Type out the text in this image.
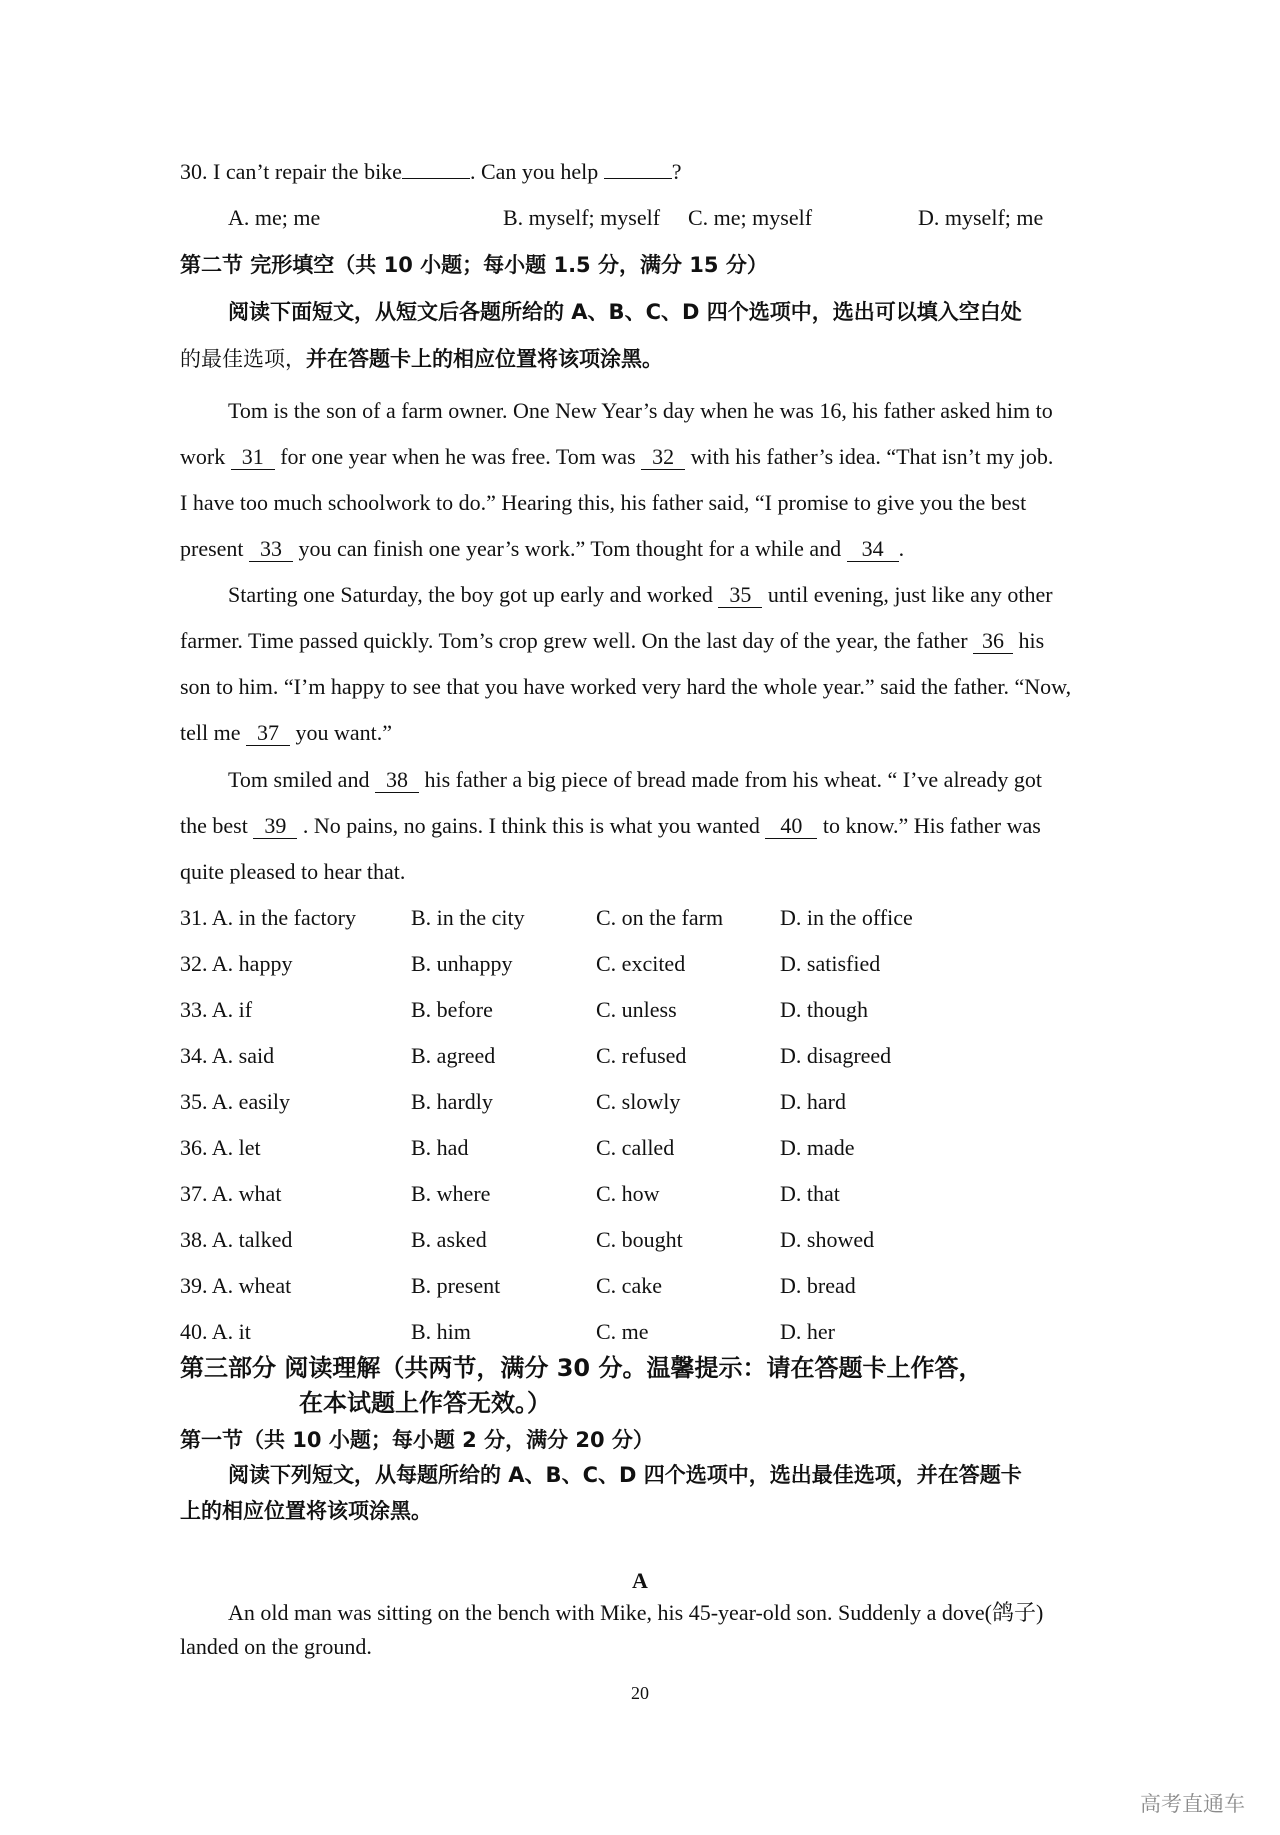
30. I can’t repair the bike	. Can you help	?
A. me; me	B. myself; myself C. me; myself	D. myself; me
第二节 完形填空（共 10 小题；每小题 1.5 分，满分 15 分）
阅读下面短文，从短文后各题所给的 A、B、C、D 四个选项中，选出可以填入空白处
的最佳选项，并在答题卡上的相应位置将该项涂黑。
Tom is the son of a farm owner. One New Year’s day when he was 16, his father asked him to
work 31 for one year when he was free. Tom was 32 with his father’s idea. “That isn’t my job.
I have too much schoolwork to do.” Hearing this, his father said, “I promise to give you the best
present 33 you can finish one year’s work.” Tom thought for a while and 34 .
Starting one Saturday, the boy got up early and worked 35 until evening, just like any other
farmer. Time passed quickly. Tom’s crop grew well. On the last day of the year, the father 36 his
son to him. “I’m happy to see that you have worked very hard the whole year.” said the father. “Now,
tell me 37 you want.”
Tom smiled and 38 his father a big piece of bread made from his wheat. “ I’ve already got
the best 39 . No pains, no gains. I think this is what you wanted 40 to know.” His father was
quite pleased to hear that.
31. A. in the factory	B. in the city	C. on the farm	D. in the office
32. A. happy	B. unhappy	C. excited	D. satisfied
33. A. if	B. before	C. unless	D. though
34. A. said	B. agreed	C. refused	D. disagreed
35. A. easily	B. hardly	C. slowly	D. hard
36. A. let	B. had	C. called	D. made
37. A. what	B. where	C. how	D. that
38. A. talked	B. asked	C. bought	D. showed
39. A. wheat	B. present	C. cake	D. bread
40. A. it	B. him	C. me	D. her
第三部分 阅读理解（共两节，满分 30 分。温馨提示：请在答题卡上作答，
在本试题上作答无效。）
第一节（共 10 小题；每小题 2 分，满分 20 分）
阅读下列短文，从每题所给的 A、B、C、D 四个选项中，选出最佳选项，并在答题卡
上的相应位置将该项涂黑。
A
An old man was sitting on the bench with Mike, his 45-year-old son. Suddenly a dove(鸽子)
landed on the ground.
20
高考直通车
